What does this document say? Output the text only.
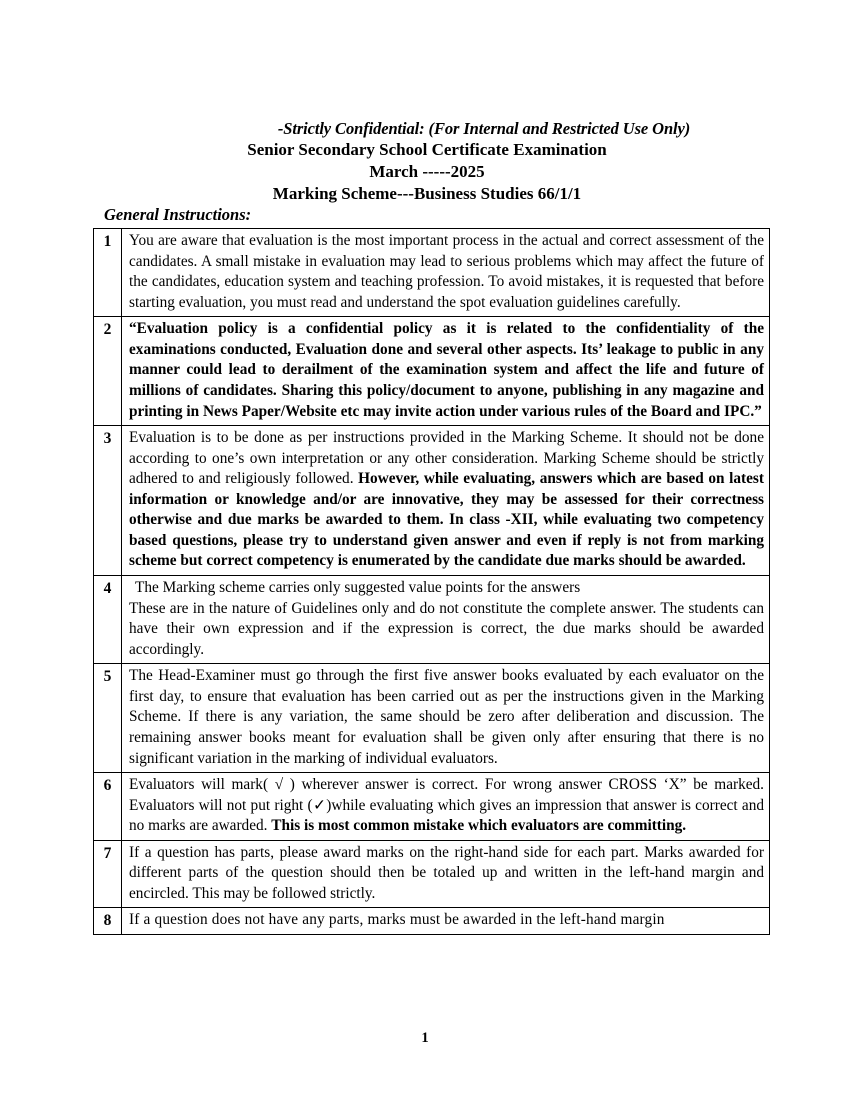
-Strictly Confidential: (For Internal and Restricted Use Only)
Senior Secondary School Certificate Examination
March -----2025
Marking Scheme---Business Studies 66/1/1
General Instructions:
1	You are aware that evaluation is the most important process in the actual and correct assessment of the candidates. A small mistake in evaluation may lead to serious problems which may affect the future of the candidates, education system and teaching profession. To avoid mistakes, it is requested that before starting evaluation, you must read and understand the spot evaluation guidelines carefully.

2	“Evaluation policy is a confidential policy as it is related to the confidentiality of the examinations conducted, Evaluation done and several other aspects. Its’ leakage to public in any manner could lead to derailment of the examination system and affect the life and future of millions of candidates. Sharing this policy/document to anyone, publishing in any magazine and printing in News Paper/Website etc may invite action under various rules of the Board and IPC.”

3	Evaluation is to be done as per instructions provided in the Marking Scheme. It should not be done according to one’s own interpretation or any other consideration. Marking Scheme should be strictly adhered to and religiously followed. However, while evaluating, answers which are based on latest information or knowledge and/or are innovative, they may be assessed for their correctness otherwise and due marks be awarded to them. In class -XII, while evaluating two competency based questions, please try to understand given answer and even if reply is not from marking scheme but correct competency is enumerated by the candidate due marks should be awarded.

4	The Marking scheme carries only suggested value points for the answers
These are in the nature of Guidelines only and do not constitute the complete answer. The students can have their own expression and if the expression is correct, the due marks should be awarded accordingly.

5	The Head-Examiner must go through the first five answer books evaluated by each evaluator on the first day, to ensure that evaluation has been carried out as per the instructions given in the Marking Scheme. If there is any variation, the same should be zero after deliberation and discussion. The remaining answer books meant for evaluation shall be given only after ensuring that there is no significant variation in the marking of individual evaluators.

6	Evaluators will mark( √ ) wherever answer is correct. For wrong answer CROSS ‘X” be marked. Evaluators will not put right (✓)while evaluating which gives an impression that answer is correct and no marks are awarded. This is most common mistake which evaluators are committing.

7	If a question has parts, please award marks on the right-hand side for each part. Marks awarded for different parts of the question should then be totaled up and written in the left-hand margin and encircled. This may be followed strictly.

8	If a question does not have any parts, marks must be awarded in the left-hand margin
1
